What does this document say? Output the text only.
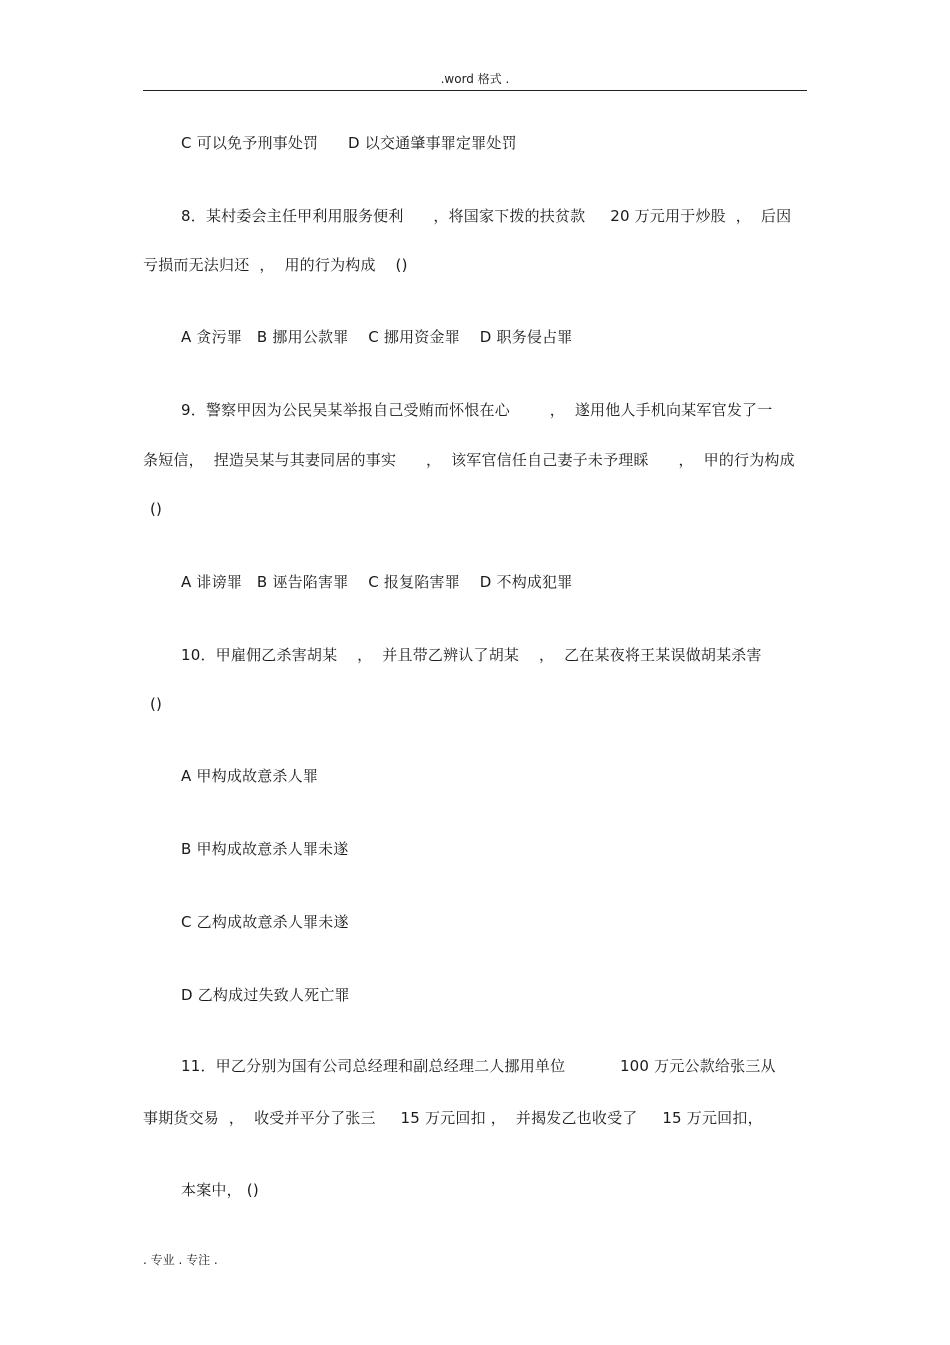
.word 格式 .
C 可以免予刑事处罚      D 以交通肇事罪定罪处罚
8．某村委会主任甲利用服务便利      ，将国家下拨的扶贫款     20 万元用于炒股  ，  后因
亏损而无法归还  ，  用的行为构成    ()
A 贪污罪   B 挪用公款罪    C 挪用资金罪    D 职务侵占罪
9．警察甲因为公民吴某举报自己受贿而怀恨在心        ，  遂用他人手机向某军官发了一
条短信，  捏造吴某与其妻同居的事实      ，  该军官信任自己妻子未予理睬      ，  甲的行为构成
()
A 诽谤罪   B 诬告陷害罪    C 报复陷害罪    D 不构成犯罪
10．甲雇佣乙杀害胡某    ，  并且带乙辨认了胡某    ，  乙在某夜将王某误做胡某杀害
()
A 甲构成故意杀人罪
B 甲构成故意杀人罪未遂
C 乙构成故意杀人罪未遂
D 乙构成过失致人死亡罪
11．甲乙分别为国有公司总经理和副总经理二人挪用单位           100 万元公款给张三从
事期货交易  ，  收受并平分了张三     15 万元回扣 ，  并揭发乙也收受了     15 万元回扣，
本案中， ()
. 专业 . 专注 .
